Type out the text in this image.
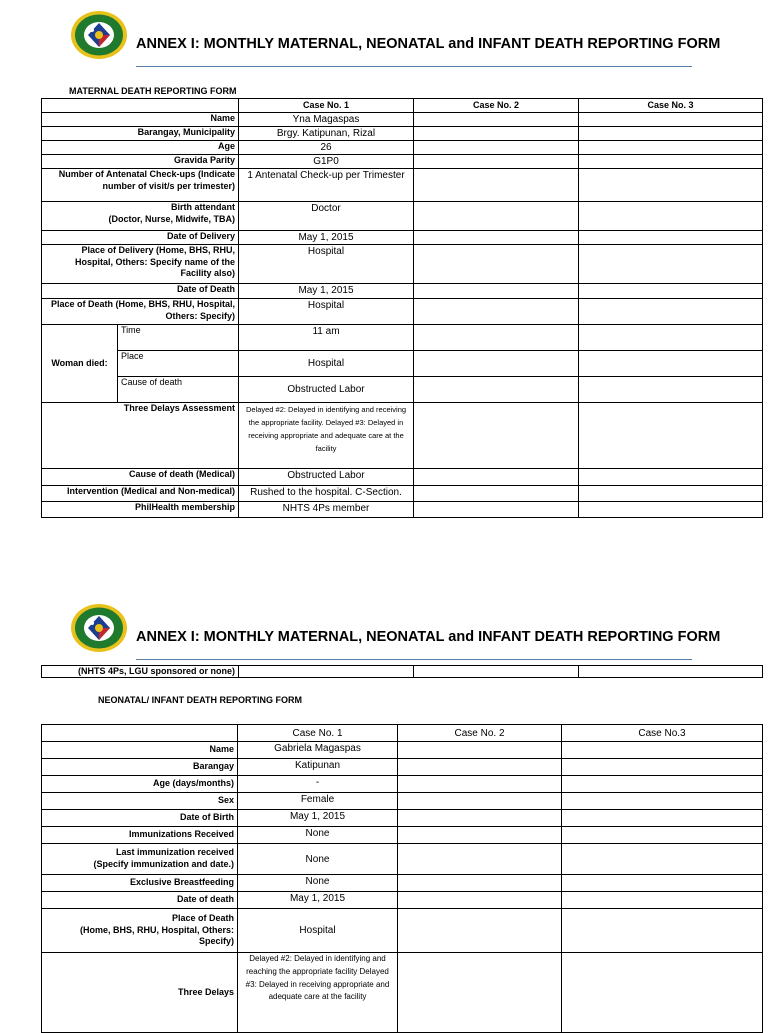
ANNEX I: MONTHLY MATERNAL, NEONATAL and INFANT DEATH REPORTING FORM
MATERNAL DEATH REPORTING FORM
		Case No. 1	Case No. 2	Case No. 3
Name		Yna Magaspas		
Barangay, Municipality		Brgy. Katipunan, Rizal		
Age		26		
Gravida Parity		G1P0		
Number of Antenatal Check-ups (Indicate number of visit/s per trimester)		1 Antenatal Check-up per Trimester		

Birth attendant
(Doctor, Nurse, Midwife, TBA)		Doctor		
Date of Delivery		May 1, 2015		
Place of Delivery (Home, BHS, RHU, Hospital, Others: Specify name of the Facility also)		Hospital		
Date of Death		May 1, 2015		
Place of Death (Home, BHS, RHU, Hospital, Others: Specify)		Hospital		
Woman died:	Time	11 am		
	Place	Hospital		
	Cause of death	Obstructed Labor		
Three Delays Assessment		Delayed #2: Delayed in identifying and receiving the appropriate facility. Delayed #3: Delayed in receiving appropriate and adequate care at the facility		
Cause of death (Medical)		Obstructed Labor		
Intervention (Medical and Non-medical)		Rushed to the hospital. C-Section.		
PhilHealth membership		NHTS 4Ps member		
ANNEX I: MONTHLY MATERNAL, NEONATAL and INFANT DEATH REPORTING FORM
(NHTS 4Ps, LGU sponsored or none)			
NEONATAL/ INFANT DEATH REPORTING FORM
	Case No. 1	Case No. 2	Case No.3
Name	Gabriela Magaspas		
Barangay	Katipunan		
Age (days/months)	-		
Sex	Female		
Date of Birth	May 1, 2015		
Immunizations Received	None		

Last immunization received
(Specify immunization and date.)	None		
Exclusive Breastfeeding	None		
Date of death	May 1, 2015		

Place of Death
(Home, BHS, RHU, Hospital, Others: Specify)	Hospital		
Three Delays	Delayed #2: Delayed in identifying and reaching the appropriate facility Delayed #3: Delayed in receiving appropriate and adequate care at the facility		
